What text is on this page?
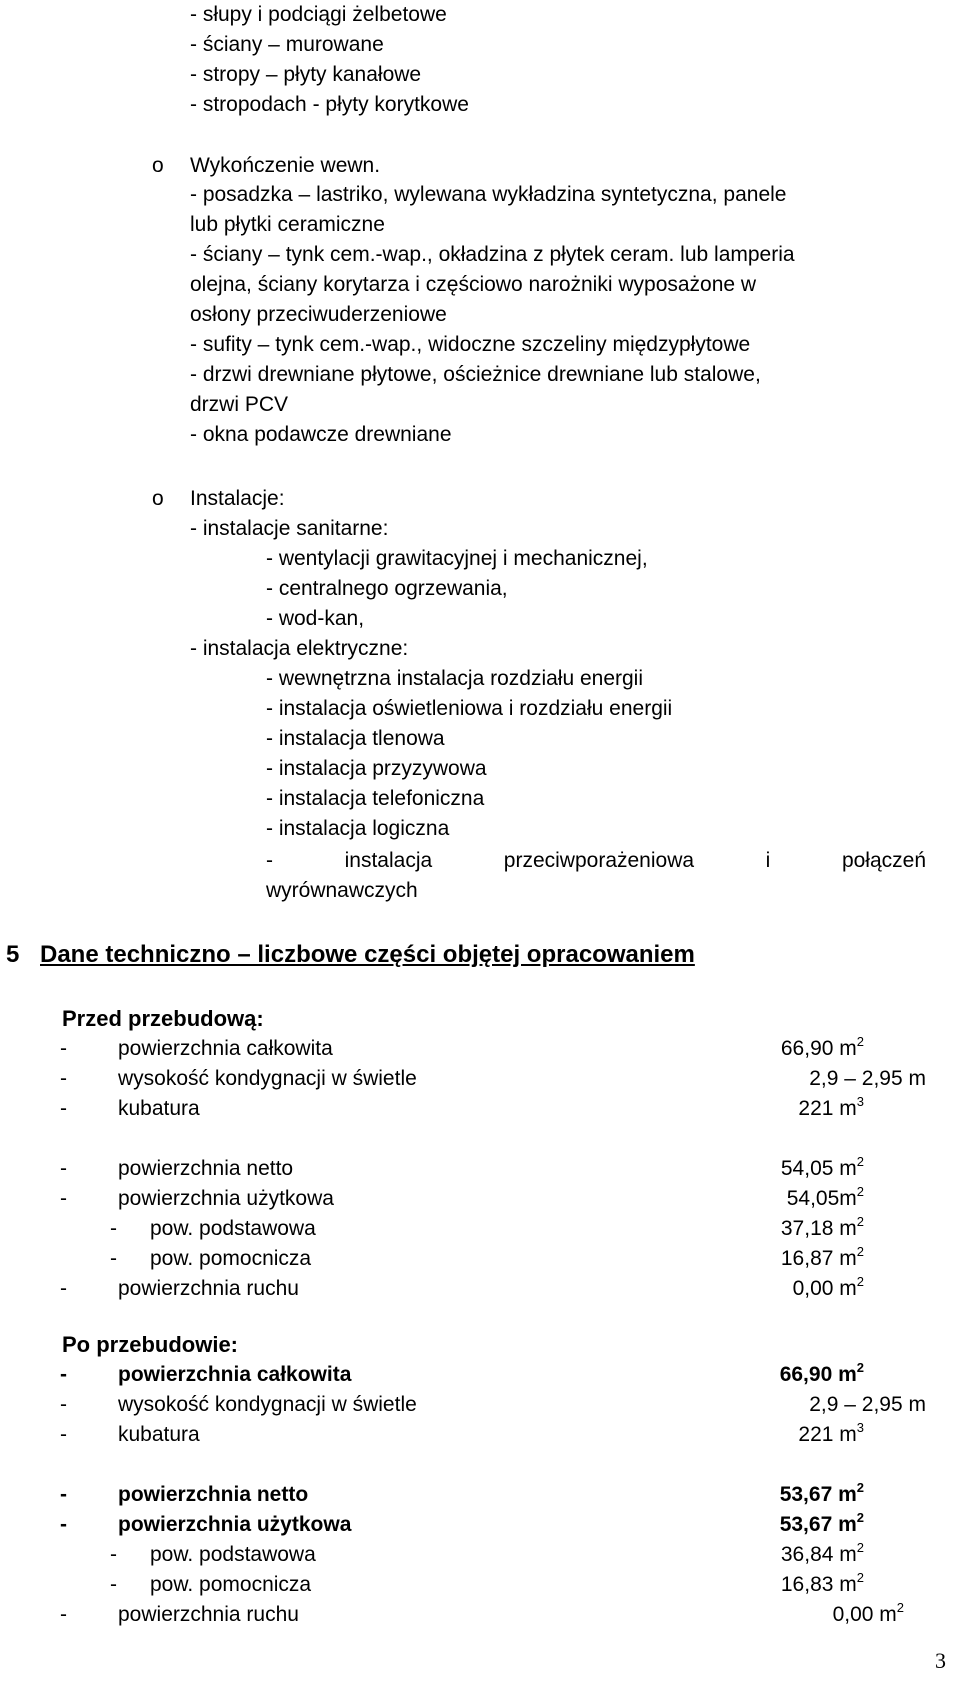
- słupy i podciągi żelbetowe
- ściany – murowane
- stropy – płyty kanałowe
- stropodach - płyty korytkowe
o Wykończenie wewn.
- posadzka – lastriko, wylewana wykładzina syntetyczna, panele
lub płytki ceramiczne
- ściany – tynk cem.-wap., okładzina z płytek ceram. lub lamperia
olejna, ściany korytarza i częściowo narożniki wyposażone w
osłony przeciwuderzeniowe
- sufity – tynk cem.-wap., widoczne szczeliny międzypłytowe
- drzwi drewniane płytowe, ościeżnice drewniane lub stalowe,
drzwi PCV
- okna podawcze drewniane
o Instalacje:
- instalacje sanitarne:
- wentylacji grawitacyjnej i mechanicznej,
- centralnego ogrzewania,
- wod-kan,
- instalacja elektryczne:
- wewnętrzna instalacja rozdziału energii
- instalacja oświetleniowa i rozdziału energii
- instalacja tlenowa
- instalacja przyzywowa
- instalacja telefoniczna
- instalacja logiczna
-	instalacja	przeciwporażeniowa	i	połączeń
wyrównawczych
5 Dane techniczno – liczbowe części objętej opracowaniem
Przed przebudową:
- powierzchnia całkowita	66,90 $m^2$
- wysokość kondygnacji w świetle	2,9 – 2,95 m
- kubatura	221 $m^3$
- powierzchnia netto	54,05 $m^2$
- powierzchnia użytkowa	$54,05m^2$
- pow. podstawowa	37,18 $m^2$
- pow. pomocnicza	16,87 $m^2$
- powierzchnia ruchu	0,00 $m^2$
Po przebudowie:
- powierzchnia całkowita	66,90 $m^2$
- wysokość kondygnacji w świetle	2,9 – 2,95 m
- kubatura	221 $m^3$
- powierzchnia netto	53,67 $m^2$
- powierzchnia użytkowa	53,67 $m^2$
- pow. podstawowa	36,84 $m^2$
- pow. pomocnicza	16,83 $m^2$
- powierzchnia ruchu	0,00 $m^2$
3
